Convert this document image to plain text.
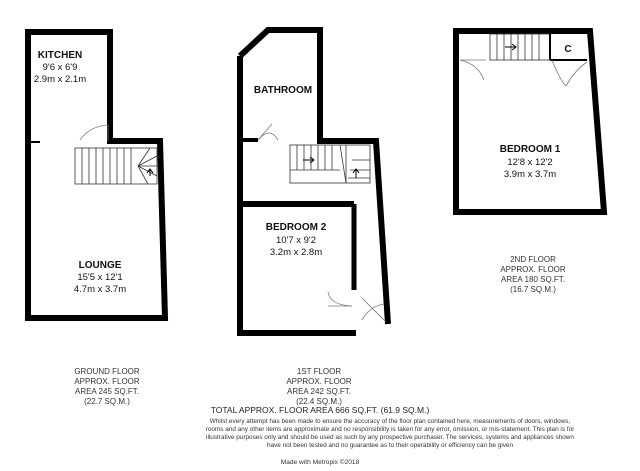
KITCHEN
9'6 x 6'9
2.9m x 2.1m
LOUNGE
15'5 x 12'1
4.7m x 3.7m
BATHROOM
BEDROOM 2
10'7 x 9'2
3.2m x 2.8m
C
BEDROOM 1
12'8 x 12'2
3.9m x 3.7m
GROUND FLOOR
APPROX. FLOOR
AREA 245 SQ.FT.
(22.7 SQ.M.)
1ST FLOOR
APPROX. FLOOR
AREA 242 SQ.FT.
(22.4 SQ.M.)
2ND FLOOR
APPROX. FLOOR
AREA 180 SQ.FT.
(16.7 SQ.M.)
TOTAL APPROX. FLOOR AREA 666 SQ.FT. (61.9 SQ.M.)
Whilst every attempt has been made to ensure the accuracy of the floor plan contained here, measurements of doors, windows, rooms and any other items are approximate and no responsibility is taken for any error, omission, or mis-statement. This plan is for illustrative purposes only and should be used as such by any prospective purchaser. The services, systems and appliances shown have not been tested and no guarantee as to their operability or efficiency can be given
Made with Metropix ©2018
